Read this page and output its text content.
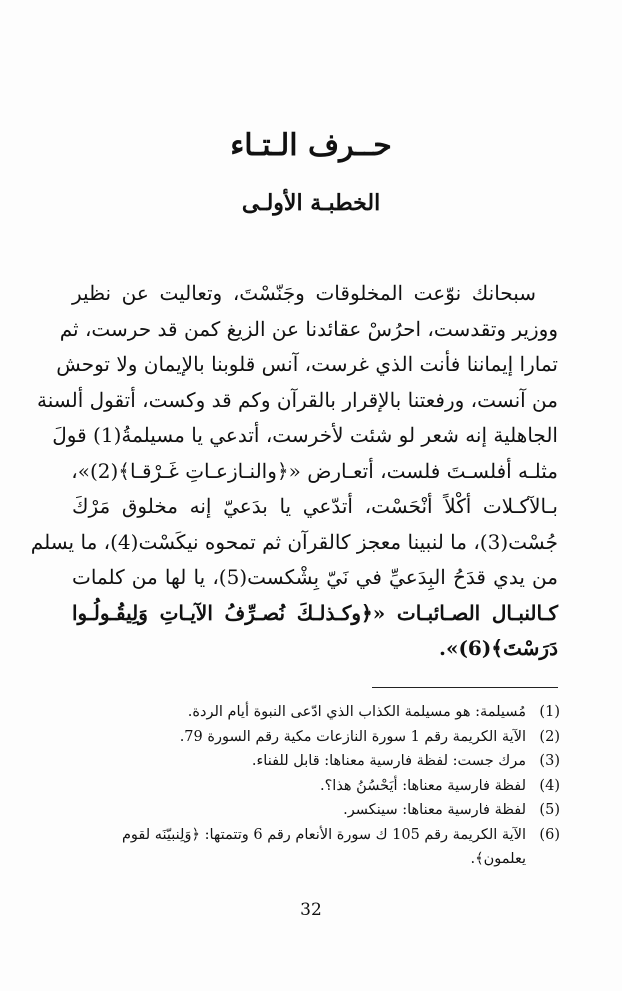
حــرف الـتـاء
الخطبـة الأولـى
سبحانك نوّعت المخلوقات وجَنّسْتَ، وتعاليت عن نظير
ووزير وتقدست، احرُسْ عقائدنا عن الزيغ كمن قد حرست، ثم
تمارا إيماننا فأنت الذي غرست، آنس قلوبنا بالإيمان ولا توحش
من آنست، ورفعتنا بالإقرار بالقرآن وكم قد وكست، أتقول ألسنة
الجاهلية إنه شعر لو شئت لأخرست، أتدعي يا مسيلمةُ(1) قولَ
مثلـه أفلسـتَ فلست، أتعـارض «﴿والنـازعـاتِ غَـرْقـا﴾(2)»،
بـالآكـلات أكْلاً أنْحَسْت، أتدّعي يا بدَعيّ إنه مخلوق مَرْكَ
جُسْت(3)، ما لنبينا معجز كالقرآن ثم تمحوه نيكَسْت(4)، ما يسلم
من يدي قدَحُ البِدَعيِّ في نَيّ بِشْكست(5)، يا لها من كلمات
كـالنبـال الصـائبـات «﴿وكـذلـكَ نُصـرِّفُ الآيـاتِ وَلِيقُـولُـوا
دَرَسْتَ﴾(6)».
(1)
مُسيلمة: هو مسيلمة الكذاب الذي ادّعى النبوة أيام الردة.
(2)
الآية الكريمة رقم 1 سورة النازعات مكية رقم السورة 79.
(3)
مرك جست: لفظة فارسية معناها: قابل للفناء.
(4)
لفظة فارسية معناها: أيَحْسُنُ هذا؟.
(5)
لفظة فارسية معناها: سينكسر.
(6)
الآية الكريمة رقم 105 ك سورة الأنعام رقم 6 وتتمتها: ﴿وَلِنبيّنَه لقوم يعلمون﴾.
32
